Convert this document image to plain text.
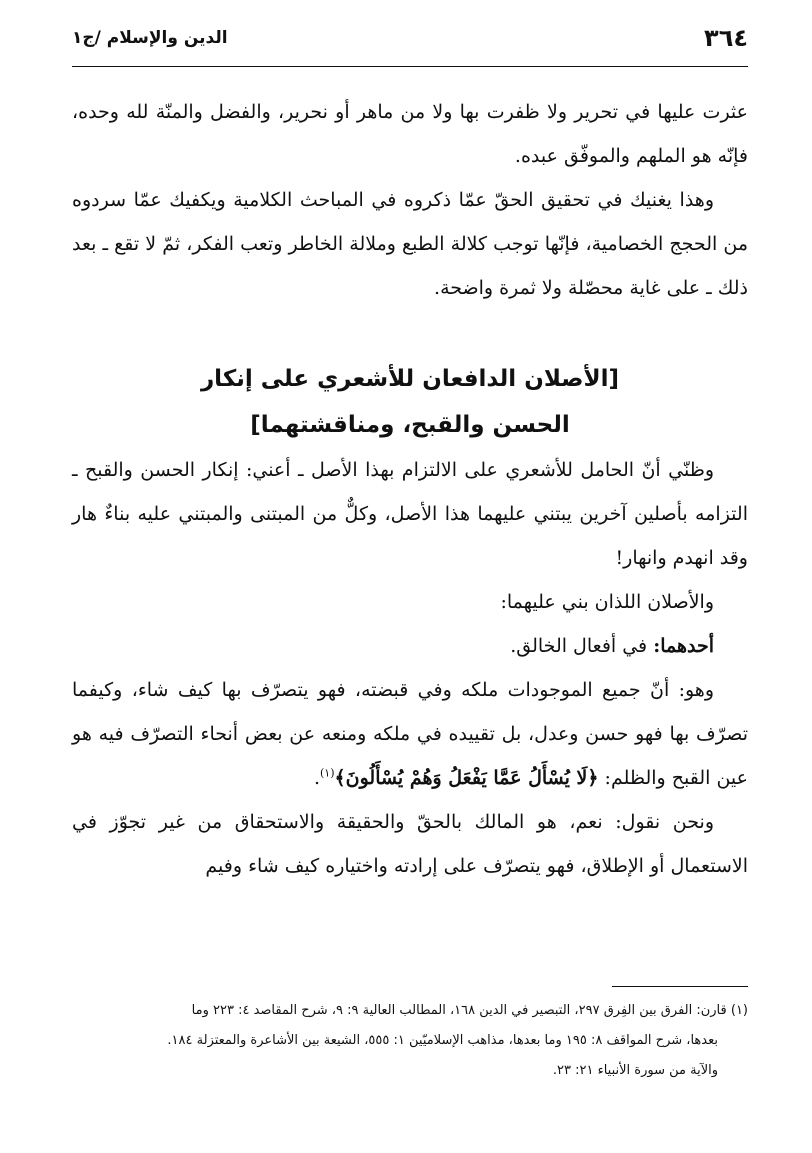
٣٦٤
الدين والإسلام /ج١

عثرت عليها في تحرير ولا ظفرت بها ولا من ماهر أو نحرير، والفضل والمنّة لله وحده، فإنّه هو الملهم والموفّق عبده.

وهذا يغنيك في تحقيق الحقّ عمّا ذكروه في المباحث الكلامية ويكفيك عمّا سردوه من الحجج الخصامية، فإنّها توجب كلالة الطبع وملالة الخاطر وتعب الفكر، ثمّ لا تقع ـ بعد ذلك ـ على غاية محصّلة ولا ثمرة واضحة.

[الأصلان الدافعان للأشعري على إنكار
الحسن والقبح، ومناقشتهما]

وظنّي أنّ الحامل للأشعري على الالتزام بهذا الأصل ـ أعني: إنكار الحسن والقبح ـ التزامه بأصلين آخرين يبتني عليهما هذا الأصل، وكلٌّ من المبتنى والمبتني عليه بناءٌ هار وقد انهدم وانهار!

والأصلان اللذان بني عليهما:

أحدهما: في أفعال الخالق.

وهو: أنّ جميع الموجودات ملكه وفي قبضته، فهو يتصرّف بها كيف شاء، وكيفما تصرّف بها فهو حسن وعدل، بل تقييده في ملكه ومنعه عن بعض أنحاء التصرّف فيه هو عين القبح والظلم: ﴿لَا يُسْأَلُ عَمَّا يَفْعَلُ وَهُمْ يُسْأَلُونَ﴾$^{(١)}$.

ونحن نقول: نعم، هو المالك بالحقّ والحقيقة والاستحقاق من غير تجوّز في الاستعمال أو الإطلاق، فهو يتصرّف على إرادته واختياره كيف شاء وفيم

(١) قارن: الفرق بين الفِرق ٢٩٧، التبصير في الدين ١٦٨، المطالب العالية ٩: ٩، شرح المقاصد ٤: ٢٢٣ وما

بعدها، شرح المواقف ٨: ١٩٥ وما بعدها، مذاهب الإسلاميّين ١: ٥٥٥، الشيعة بين الأشاعرة والمعتزلة ١٨٤.

والآية من سورة الأنبياء ٢١: ٢٣.
